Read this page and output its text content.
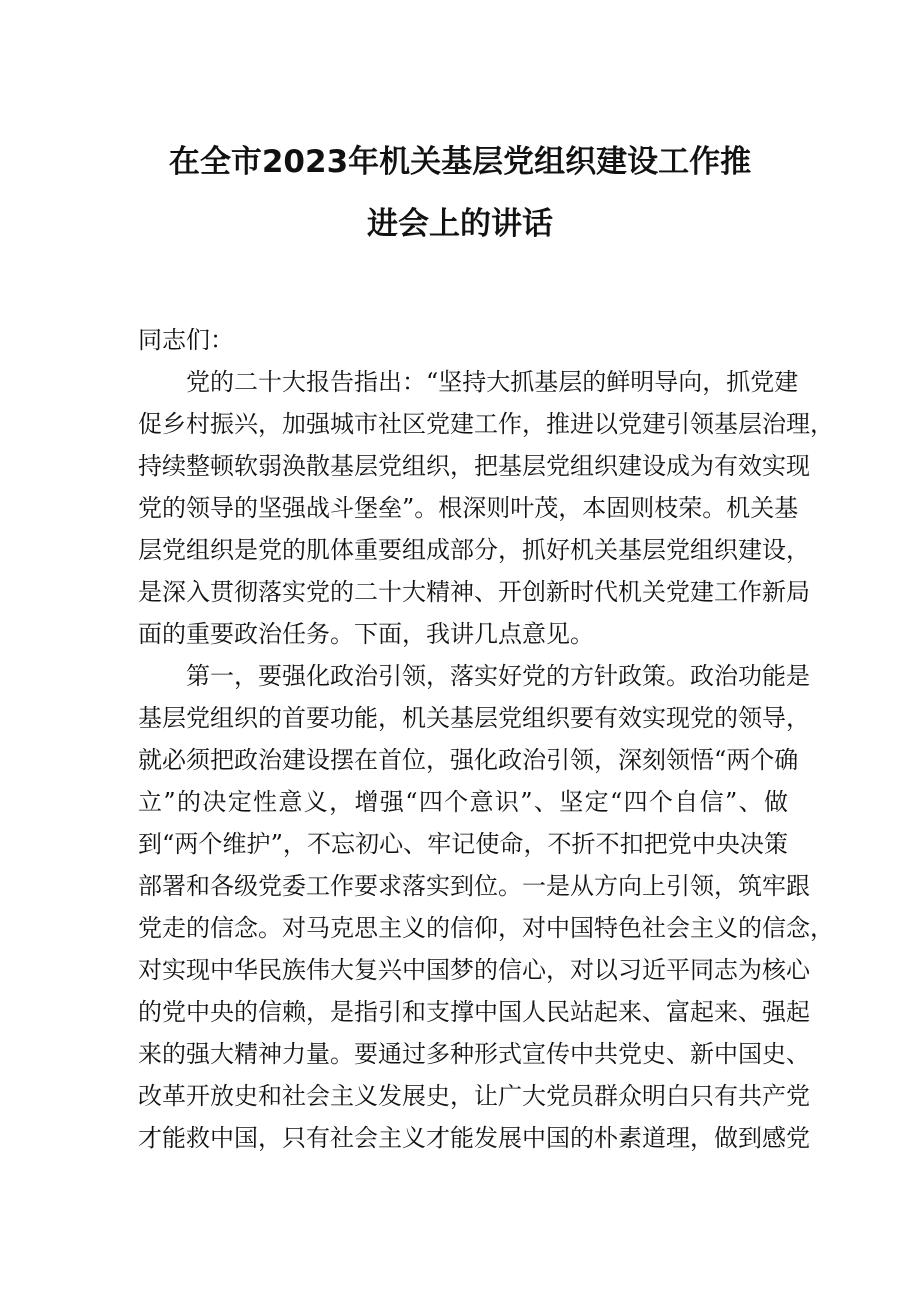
在全市2023年机关基层党组织建设工作推
进会上的讲话
同志们：
党的二十大报告指出：“坚持大抓基层的鲜明导向，抓党建
促乡村振兴，加强城市社区党建工作，推进以党建引领基层治理，
持续整顿软弱涣散基层党组织，把基层党组织建设成为有效实现
党的领导的坚强战斗堡垒”。根深则叶茂，本固则枝荣。机关基
层党组织是党的肌体重要组成部分，抓好机关基层党组织建设，
是深入贯彻落实党的二十大精神、开创新时代机关党建工作新局
面的重要政治任务。下面，我讲几点意见。
第一，要强化政治引领，落实好党的方针政策。政治功能是
基层党组织的首要功能，机关基层党组织要有效实现党的领导，
就必须把政治建设摆在首位，强化政治引领，深刻领悟“两个确
立”的决定性意义，增强“四个意识”、坚定“四个自信”、做
到“两个维护”，不忘初心、牢记使命，不折不扣把党中央决策
部署和各级党委工作要求落实到位。一是从方向上引领，筑牢跟
党走的信念。对马克思主义的信仰，对中国特色社会主义的信念，
对实现中华民族伟大复兴中国梦的信心，对以习近平同志为核心
的党中央的信赖，是指引和支撑中国人民站起来、富起来、强起
来的强大精神力量。要通过多种形式宣传中共党史、新中国史、
改革开放史和社会主义发展史，让广大党员群众明白只有共产党
才能救中国，只有社会主义才能发展中国的朴素道理，做到感党
